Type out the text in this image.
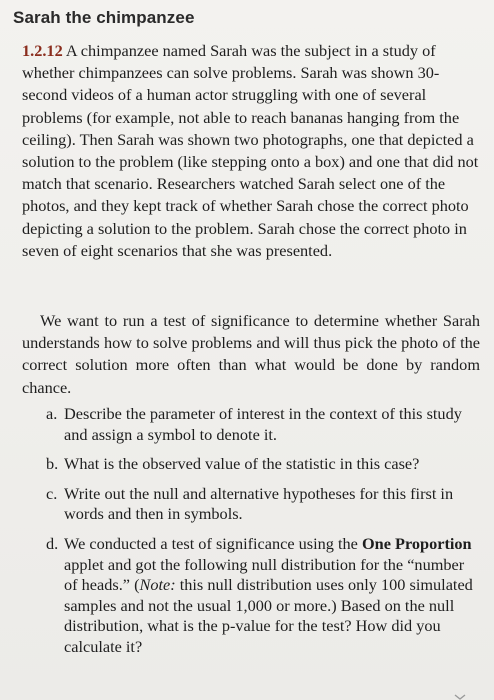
Sarah the chimpanzee

1.2.12 A chimpanzee named Sarah was the subject in a study of whether chimpanzees can solve problems. Sarah was shown 30-second videos of a human actor struggling with one of several problems (for example, not able to reach bananas hanging from the ceiling). Then Sarah was shown two photographs, one that depicted a solution to the problem (like stepping onto a box) and one that did not match that scenario. Researchers watched Sarah select one of the photos, and they kept track of whether Sarah chose the correct photo depicting a solution to the problem. Sarah chose the correct photo in seven of eight scenarios that she was presented.

We want to run a test of significance to determine whether Sarah understands how to solve problems and will thus pick the photo of the correct solution more often than what would be done by random chance.

a. Describe the parameter of interest in the context of this study and assign a symbol to denote it.
b. What is the observed value of the statistic in this case?
c. Write out the null and alternative hypotheses for this first in words and then in symbols.
d. We conducted a test of significance using the One Proportion applet and got the following null distribution for the “number of heads.” (Note: this null distribution uses only 100 simulated samples and not the usual 1,000 or more.) Based on the null distribution, what is the p-value for the test? How did you calculate it?
